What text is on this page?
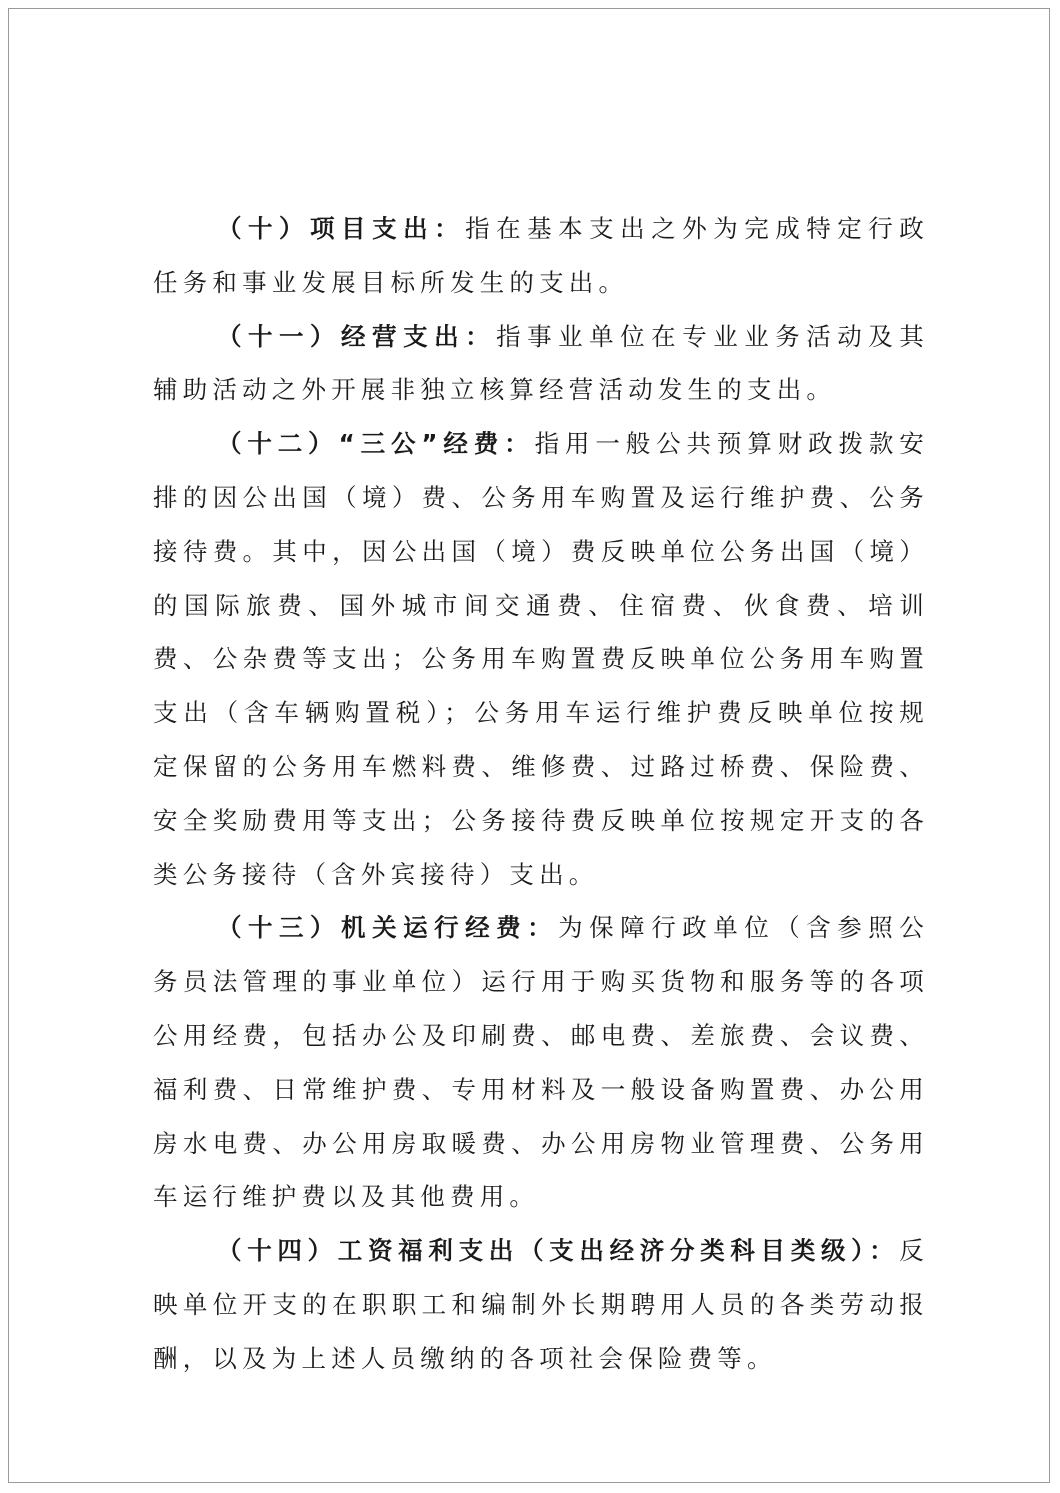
（十）项目支出：指在基本支出之外为完成特定行政任务和事业发展目标所发生的支出。

（十一）经营支出：指事业单位在专业业务活动及其辅助活动之外开展非独立核算经营活动发生的支出。

（十二）“三公”经费：指用一般公共预算财政拨款安排的因公出国（境）费、公务用车购置及运行维护费、公务接待费。其中，因公出国（境）费反映单位公务出国（境）的国际旅费、国外城市间交通费、住宿费、伙食费、培训费、公杂费等支出；公务用车购置费反映单位公务用车购置支出（含车辆购置税）；公务用车运行维护费反映单位按规定保留的公务用车燃料费、维修费、过路过桥费、保险费、安全奖励费用等支出；公务接待费反映单位按规定开支的各类公务接待（含外宾接待）支出。

（十三）机关运行经费：为保障行政单位（含参照公务员法管理的事业单位）运行用于购买货物和服务等的各项公用经费，包括办公及印刷费、邮电费、差旅费、会议费、福利费、日常维护费、专用材料及一般设备购置费、办公用房水电费、办公用房取暖费、办公用房物业管理费、公务用车运行维护费以及其他费用。

（十四）工资福利支出（支出经济分类科目类级）：反映单位开支的在职职工和编制外长期聘用人员的各类劳动报酬，以及为上述人员缴纳的各项社会保险费等。
